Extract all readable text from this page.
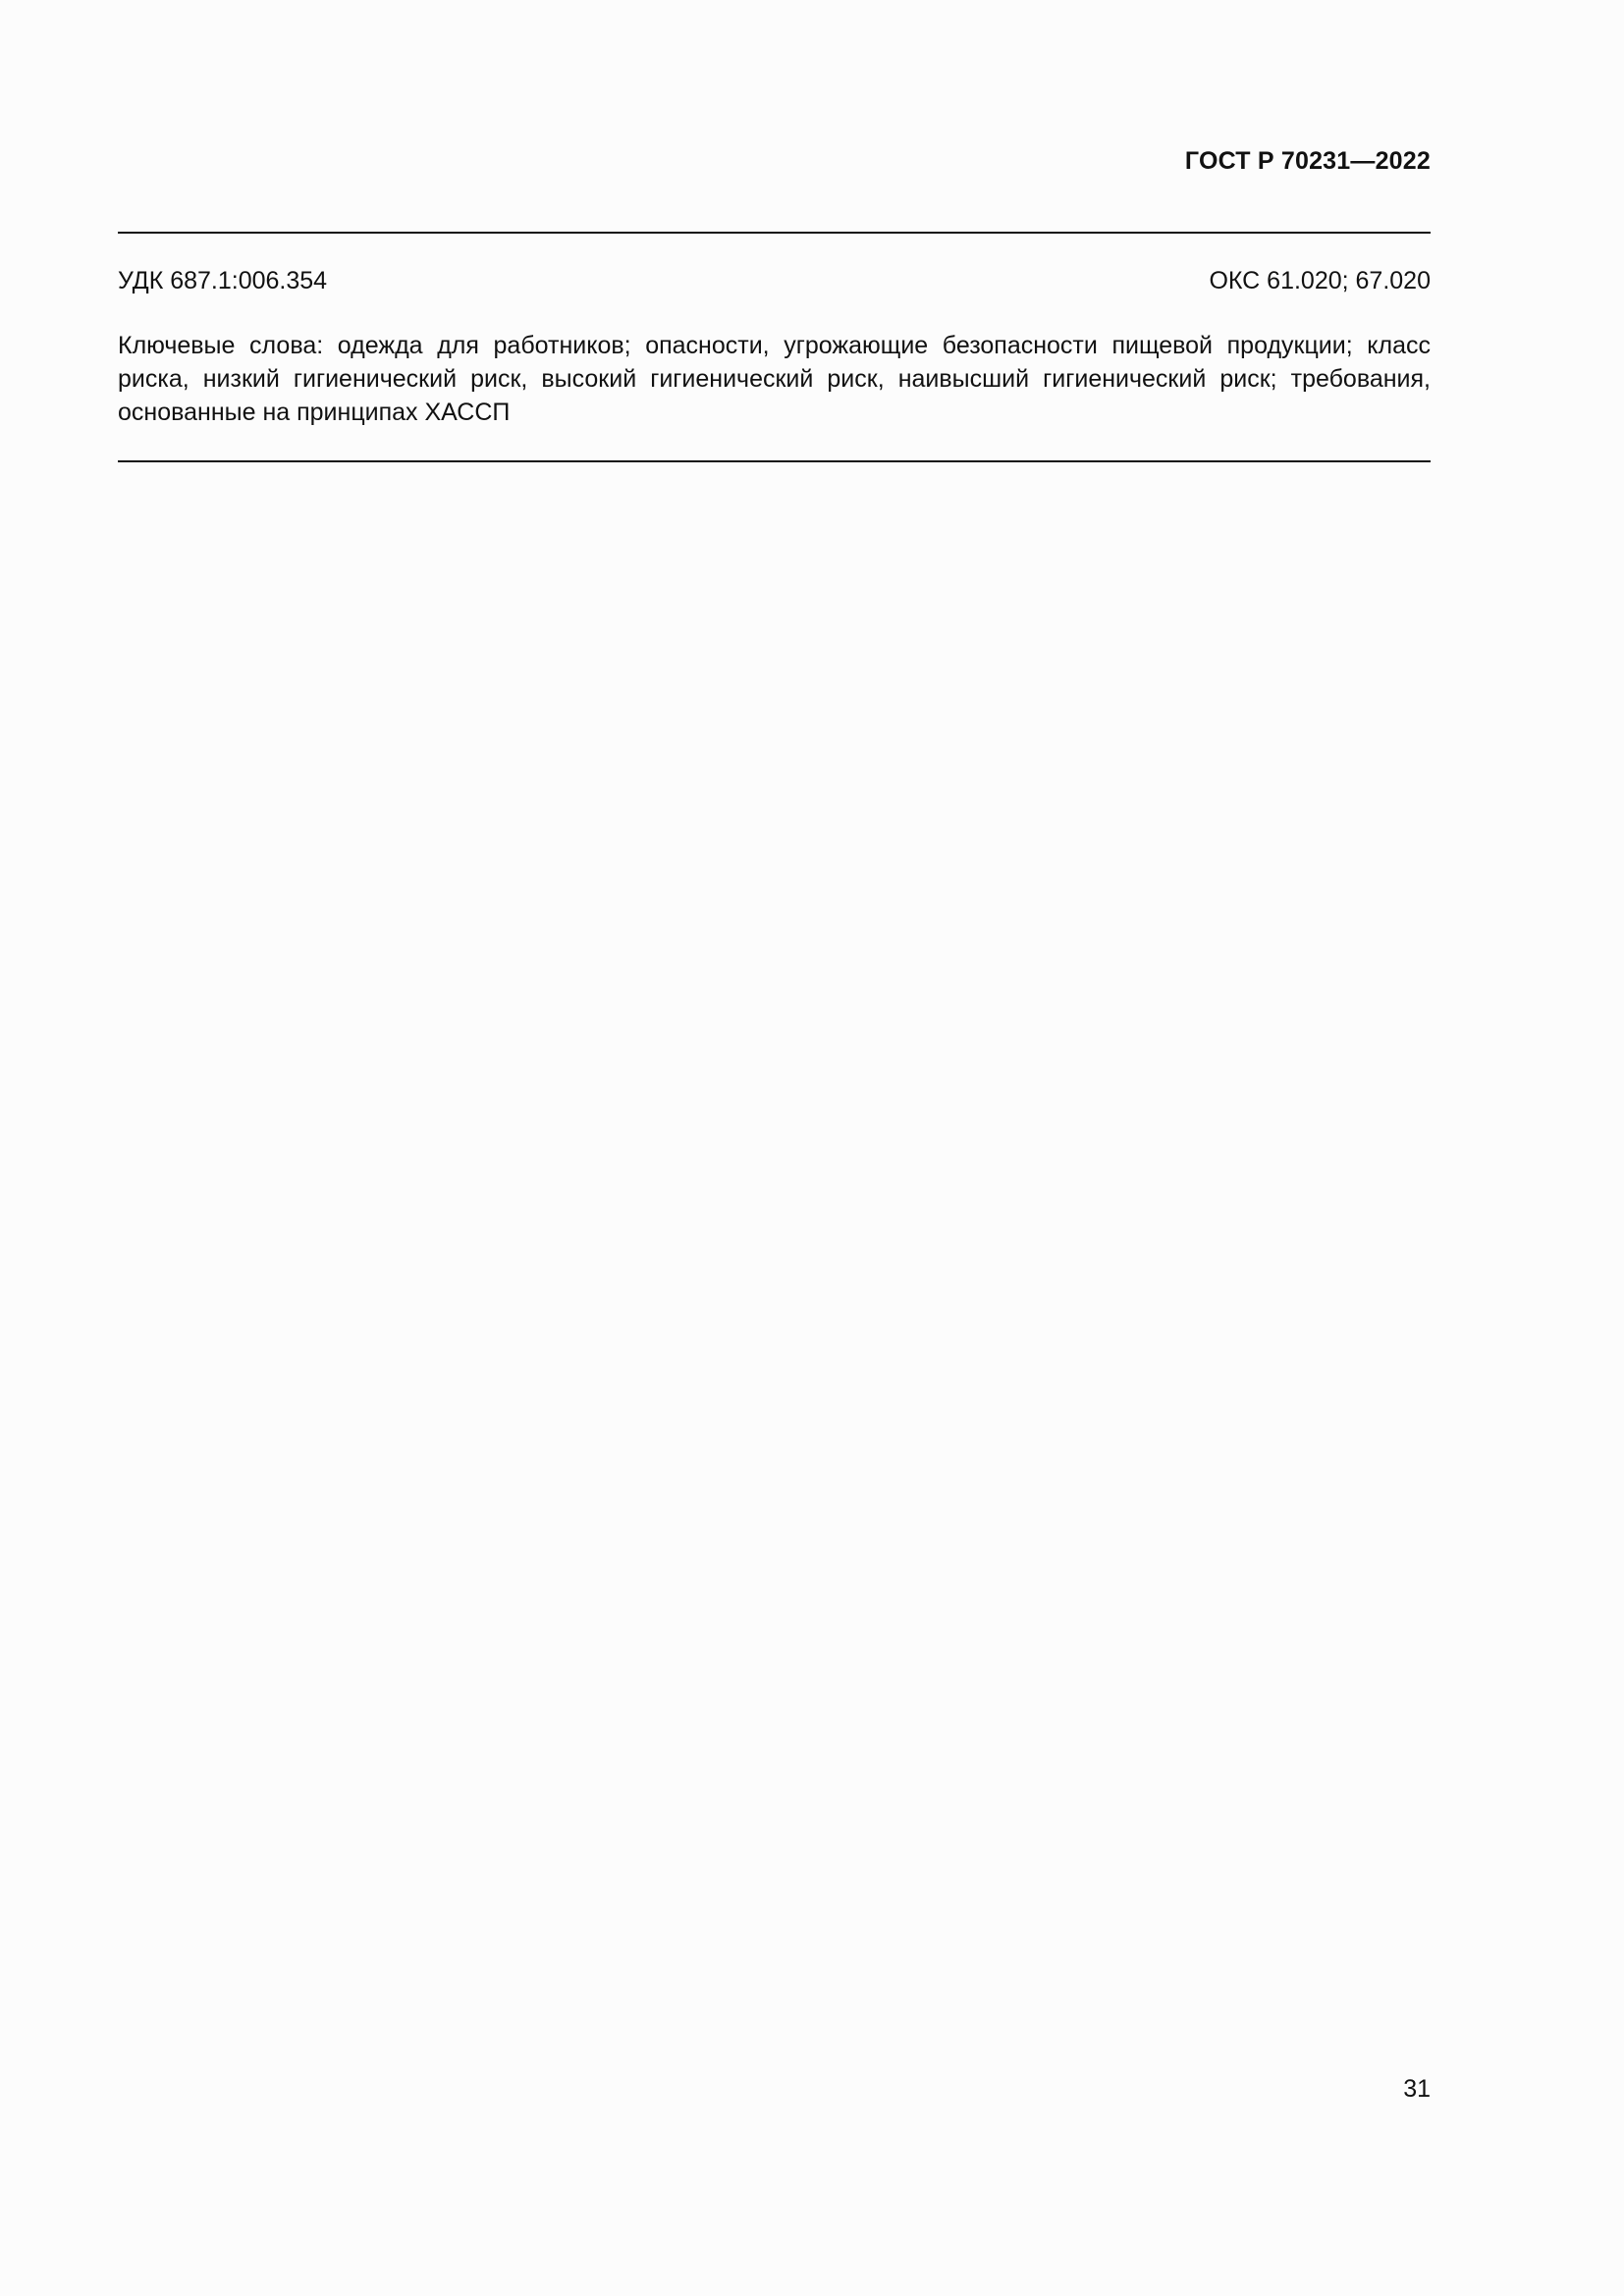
ГОСТ Р 70231—2022
УДК 687.1:006.354	ОКС 61.020; 67.020
Ключевые слова: одежда для работников; опасности, угрожающие безопасности пищевой продукции; класс риска, низкий гигиенический риск, высокий гигиенический риск, наивысший гигиенический риск; требования, основанные на принципах ХАССП
31
